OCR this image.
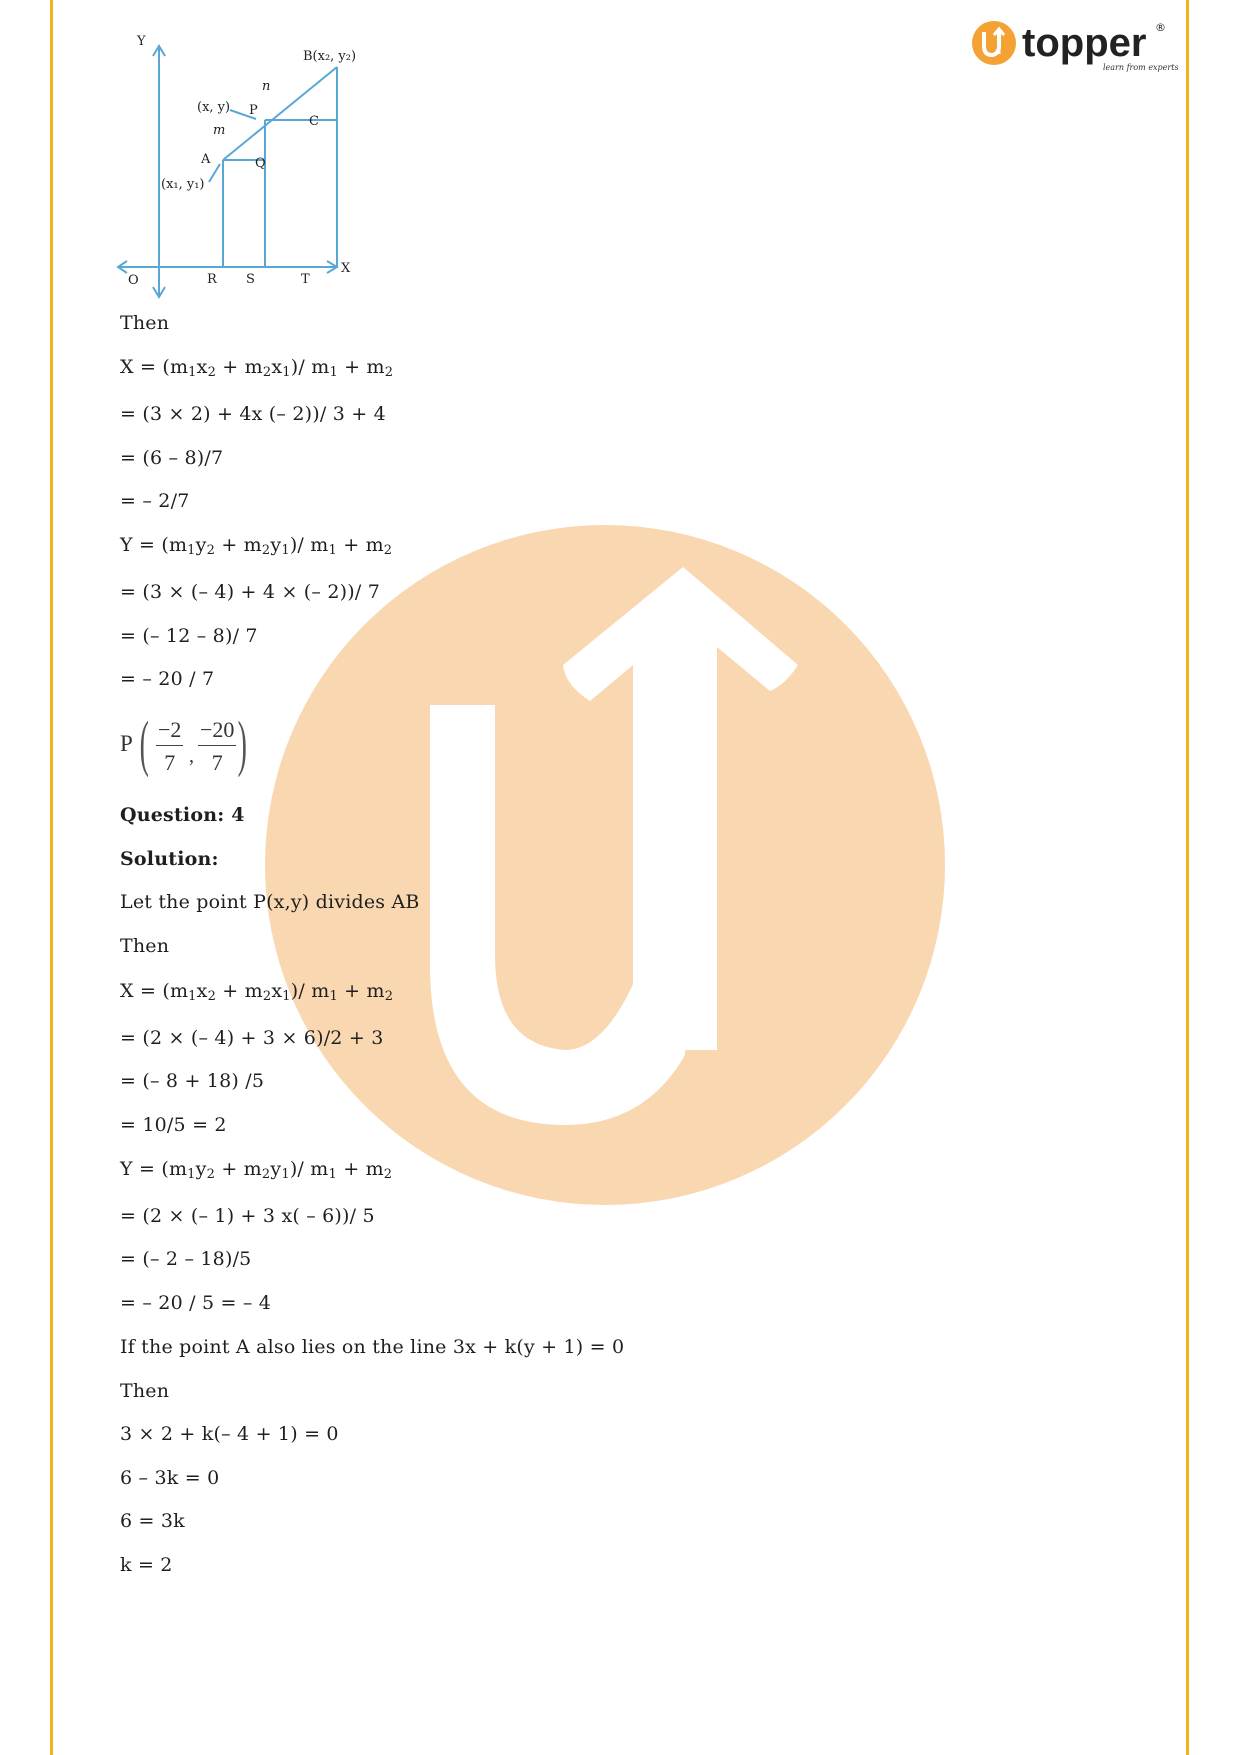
topper ®
learn from experts
Y
X
O
B(x₂, y₂)
n
m
(x, y) P
C
A	Q
(x₁, y₁)
R S	T
Then
$X = (m_1x_2 + m_2x_1)/$ $m_1 + m_2$
= (3 × 2) + 4x (– 2))/ 3 + 4
= (6 – 8)/7
= – 2/7
$Y = (m_1y_2 + m_2y_1)/$ $m_1 + m_2$
= (3 × (– 4) + 4 × (– 2))/ 7
= (– 12 – 8)/ 7
= – 20 / 7
P ( $\frac{-2}{7}$ , $\frac{-20}{7}$ )
Question: 4
Solution:
Let the point P(x,y) divides AB
Then
$X = (m_1x_2 + m_2x_1)/$ $m_1 + m_2$
= (2 × (– 4) + 3 × 6)/2 + 3
= (– 8 + 18) /5
= 10/5 = 2
$Y = (m_1y_2 + m_2y_1)/$ $m_1 + m_2$
= (2 × (– 1) + 3 x( – 6))/ 5
= (– 2 – 18)/5
= – 20 / 5 = – 4
If the point A also lies on the line 3x + k(y + 1) = 0
Then
3 × 2 + k(– 4 + 1) = 0
6 – 3k = 0
6 = 3k
k = 2
